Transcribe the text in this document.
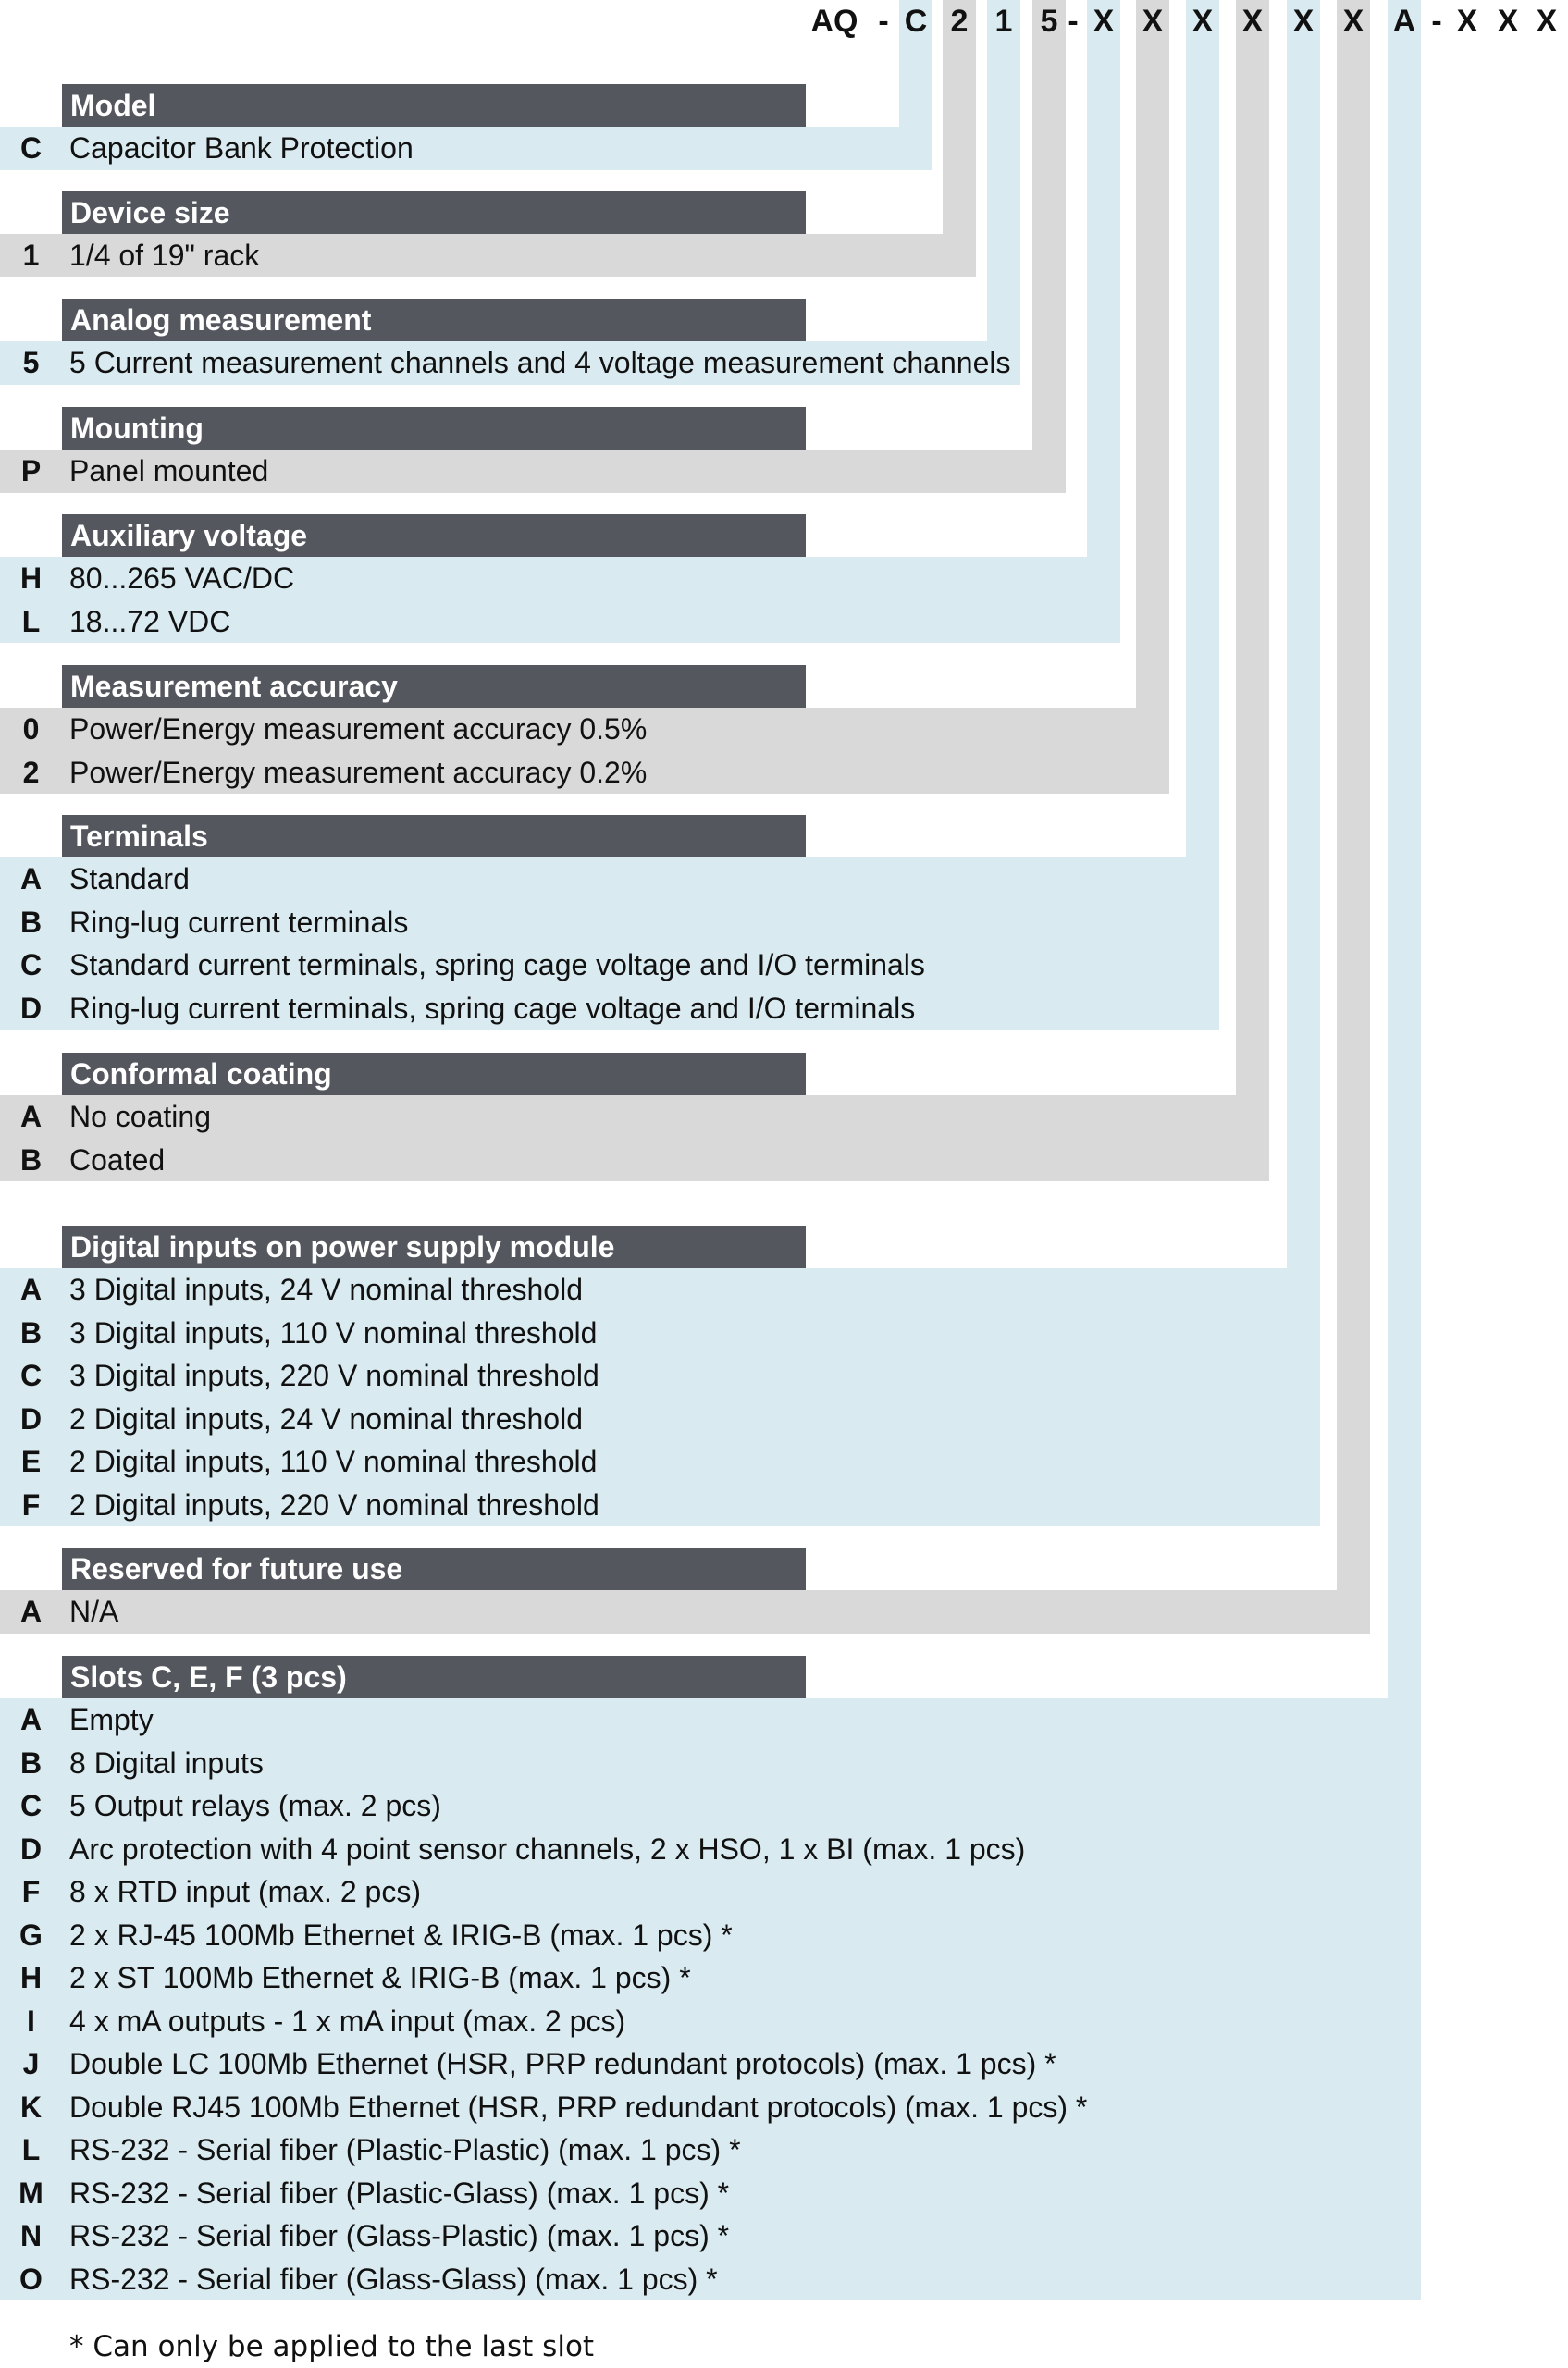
AQ - C 2 1 5 - X X X X X X A - X X X
Model
C Capacitor Bank Protection
Device size
1	1/4 of 19" rack
Analog measurement
5	5 Current measurement channels and 4 voltage measurement channels
Mounting
P Panel mounted
Auxiliary voltage
H 80...265 VAC/DC
L 18...72 VDC
Measurement accuracy
0	Power/Energy measurement accuracy 0.5%
2	Power/Energy measurement accuracy 0.2%
Terminals
A Standard
B Ring-lug current terminals
C Standard current terminals, spring cage voltage and I/O terminals
D Ring-lug current terminals, spring cage voltage and I/O terminals
Conformal coating
A No coating
B Coated
Digital inputs on power supply module
A 3 Digital inputs, 24 V nominal threshold
B 3 Digital inputs, 110 V nominal threshold
C 3 Digital inputs, 220 V nominal threshold
D 2 Digital inputs, 24 V nominal threshold
E 2 Digital inputs, 110 V nominal threshold
F 2 Digital inputs, 220 V nominal threshold
Reserved for future use
A N/A
Slots C, E, F (3 pcs)
A Empty
B 8 Digital inputs
C 5 Output relays (max. 2 pcs)
D Arc protection with 4 point sensor channels, 2 x HSO, 1 x BI (max. 1 pcs)
F 8 x RTD input (max. 2 pcs)
G 2 x RJ-45 100Mb Ethernet & IRIG-B (max. 1 pcs) *
H 2 x ST 100Mb Ethernet & IRIG-B (max. 1 pcs) *
I	4 x mA outputs - 1 x mA input (max. 2 pcs)
J	Double LC 100Mb Ethernet (HSR, PRP redundant protocols) (max. 1 pcs) *
K Double RJ45 100Mb Ethernet (HSR, PRP redundant protocols) (max. 1 pcs) *
L RS-232 - Serial fiber (Plastic-Plastic) (max. 1 pcs) *
M RS-232 - Serial fiber (Plastic-Glass) (max. 1 pcs) *
N RS-232 - Serial fiber (Glass-Plastic) (max. 1 pcs) *
O RS-232 - Serial fiber (Glass-Glass) (max. 1 pcs) *
* Can only be applied to the last slot
